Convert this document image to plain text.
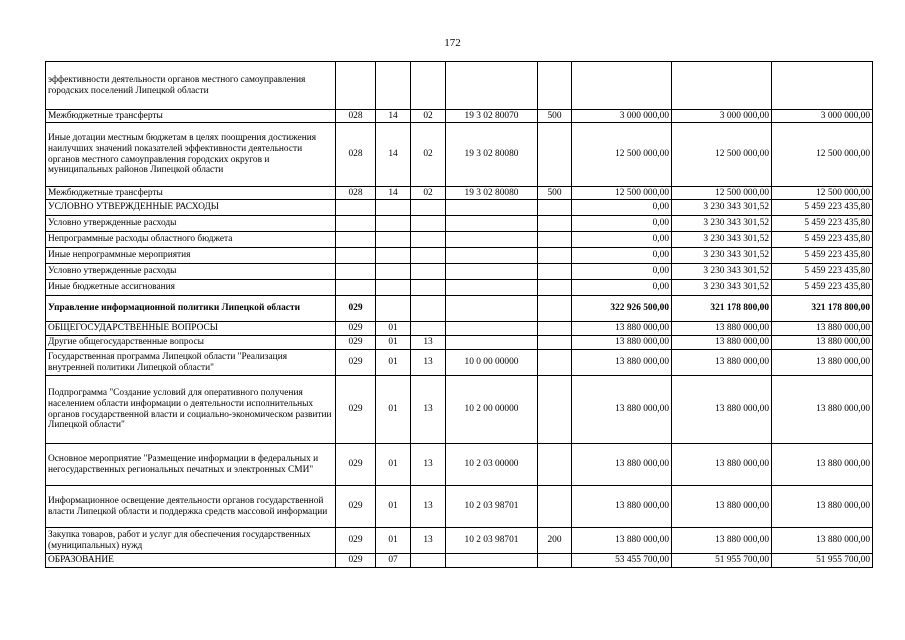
172
эффективности деятельности органов местного самоуправления городских поселений Липецкой области								
Межбюджетные трансферты	028	14	02	19 3 02 80070	500	3 000 000,00	3 000 000,00	3 000 000,00
Иные дотации местным бюджетам в целях поощрения достижения наилучших значений показателей эффективности деятельности органов местного самоуправления городских округов и муниципальных районов Липецкой области	028	14	02	19 3 02 80080		12 500 000,00	12 500 000,00	12 500 000,00
Межбюджетные трансферты	028	14	02	19 3 02 80080	500	12 500 000,00	12 500 000,00	12 500 000,00
УСЛОВНО УТВЕРЖДЕННЫЕ РАСХОДЫ						0,00	3 230 343 301,52	5 459 223 435,80
Условно утвержденные расходы						0,00	3 230 343 301,52	5 459 223 435,80
Непрограммные расходы областного бюджета						0,00	3 230 343 301,52	5 459 223 435,80
Иные непрограммные мероприятия						0,00	3 230 343 301,52	5 459 223 435,80
Условно утвержденные расходы						0,00	3 230 343 301,52	5 459 223 435,80
Иные бюджетные ассигнования						0,00	3 230 343 301,52	5 459 223 435,80
Управление информационной политики Липецкой области	029					322 926 500,00	321 178 800,00	321 178 800,00
ОБЩЕГОСУДАРСТВЕННЫЕ ВОПРОСЫ	029	01				13 880 000,00	13 880 000,00	13 880 000,00
Другие общегосударственные вопросы	029	01	13			13 880 000,00	13 880 000,00	13 880 000,00
Государственная программа Липецкой области "Реализация внутренней политики Липецкой области"	029	01	13	10 0 00 00000		13 880 000,00	13 880 000,00	13 880 000,00
Подпрограмма "Создание условий для оперативного получения населением области информации о деятельности исполнительных органов государственной власти и социально-экономическом развитии Липецкой области"	029	01	13	10 2 00 00000		13 880 000,00	13 880 000,00	13 880 000,00
Основное мероприятие "Размещение информации в федеральных и негосударственных региональных печатных и электронных СМИ"	029	01	13	10 2 03 00000		13 880 000,00	13 880 000,00	13 880 000,00
Информационное освещение деятельности органов государственной власти Липецкой области и поддержка средств массовой информации	029	01	13	10 2 03 98701		13 880 000,00	13 880 000,00	13 880 000,00
Закупка товаров, работ и услуг для обеспечения государственных (муниципальных) нужд	029	01	13	10 2 03 98701	200	13 880 000,00	13 880 000,00	13 880 000,00
ОБРАЗОВАНИЕ	029	07				53 455 700,00	51 955 700,00	51 955 700,00
